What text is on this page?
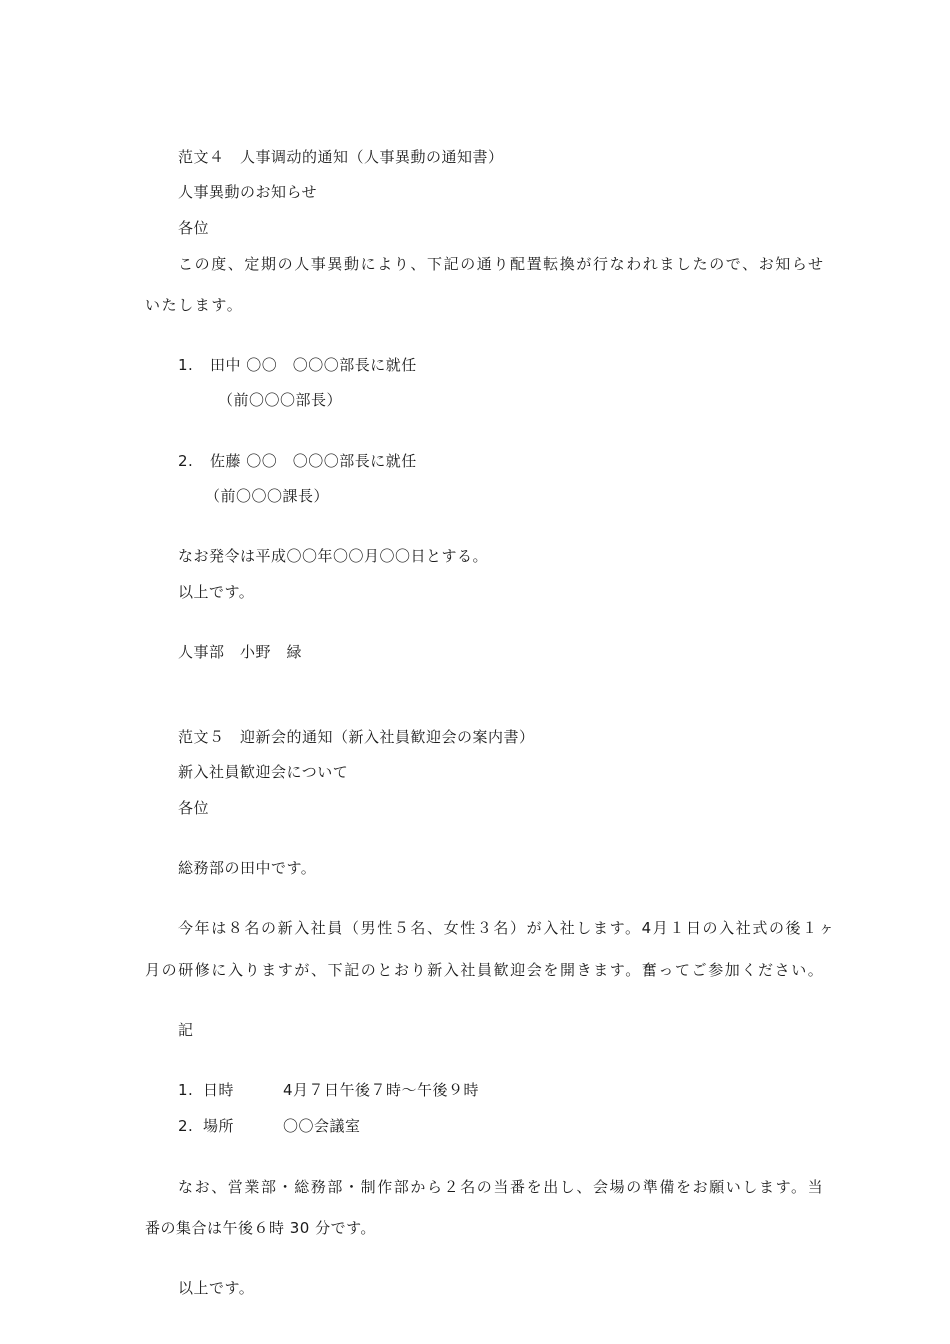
范文４　人事调动的通知（人事異動の通知書）
人事異動のお知らせ
各位
この度、定期の人事異動により、下記の通り配置転換が行なわれましたので、お知らせ
いたします。
1. 田中 〇〇　〇〇〇部長に就任
（前〇〇〇部長）
2. 佐藤 〇〇　〇〇〇部長に就任
（前〇〇〇課長）
なお発令は平成〇〇年〇〇月〇〇日とする。
以上です。
人事部　小野　緑
范文５　迎新会的通知（新入社員歓迎会の案内書）
新入社員歓迎会について
各位
総務部の田中です。
今年は８名の新入社員（男性５名、女性３名）が入社します。4月１日の入社式の後１ヶ
月の研修に入りますが、下記のとおり新入社員歓迎会を開きます。奮ってご参加ください。
記
1. 日時	4月７日午後７時～午後９時
2. 場所	〇〇会議室
なお、営業部・総務部・制作部から２名の当番を出し、会場の準備をお願いします。当
番の集合は午後６時 30 分です。
以上です。
